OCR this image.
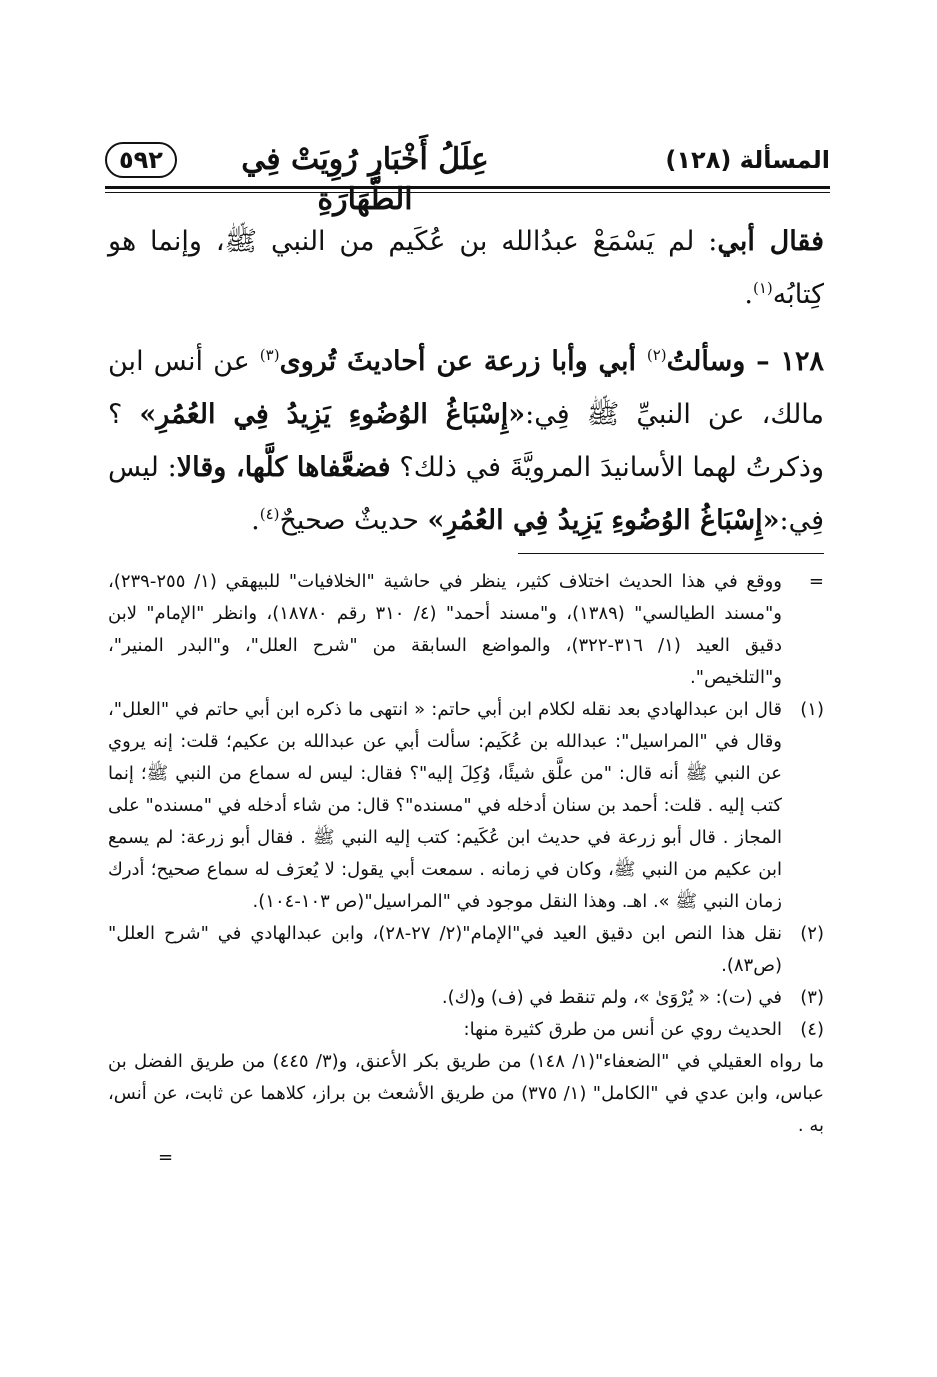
٥٩٢	عِلَلُ أَخْبَارٍ رُوِيَتْ فِي الطَّهَارَةِ
المسألة (١٢٨)

فقال أبي: لم يَسْمَعْ عبدُالله بن عُكَيم من النبي ﷺ، وإنما هو كِتابُه$^{(١)}$.

١٢٨ – وسألتُ$^{(٢)}$ أبي وأبا زرعة عن أحاديثَ تُروى$^{(٣)}$ عن أنس ابن مالك، عن النبيِّ ﷺ فِي:«إِسْبَاغُ الوُضُوءِ يَزِيدُ فِي العُمُرِ» ؟ وذكرتُ لهما الأسانيدَ المرويَّةَ في ذلك؟ فضعَّفاها كلَّها، وقالا: ليس فِي:«إِسْبَاغُ الوُضُوءِ يَزِيدُ فِي العُمُرِ» حديثٌ صحيحٌ$^{(٤)}$.

=
ووقع في هذا الحديث اختلاف كثير، ينظر في حاشية "الخلافيات" للبيهقي (١/ ٢٥٥-٢٣٩)، و"مسند الطيالسي" (١٣٨٩)، و"مسند أحمد" (٤/ ٣١٠ رقم ١٨٧٨٠)، وانظر "الإمام" لابن دقيق العيد (١/ ٣١٦-٣٢٢)، والمواضع السابقة من "شرح العلل"، و"البدر المنير"، و"التلخيص".
(١)
قال ابن عبدالهادي بعد نقله لكلام ابن أبي حاتم: « انتهى ما ذكره ابن أبي حاتم في "العلل"، وقال في "المراسيل": عبدالله بن عُكَيم: سألت أبي عن عبدالله بن عكيم؛ قلت: إنه يروي عن النبي ﷺ أنه قال: "من علَّق شيئًا، وُكِلَ إليه"؟ فقال: ليس له سماع من النبي ﷺ؛ إنما كتب إليه . قلت: أحمد بن سنان أدخله في "مسنده"؟ قال: من شاء أدخله في "مسنده" على المجاز . قال أبو زرعة في حديث ابن عُكَيم: كتب إليه النبي ﷺ . فقال أبو زرعة: لم يسمع ابن عكيم من النبي ﷺ، وكان في زمانه . سمعت أبي يقول: لا يُعرَف له سماع صحيح؛ أدرك زمان النبي ﷺ ». اهـ. وهذا النقل موجود في "المراسيل"(ص ١٠٣-١٠٤).
(٢)
نقل هذا النص ابن دقيق العيد في"الإمام"(٢/ ٢٧-٢٨)، وابن عبدالهادي في "شرح العلل"(ص٨٣).
(٣)
في (ت): « يُرْوَىٰ »، ولم تنقط في (ف) و(ك).
(٤)
الحديث روي عن أنس من طرق كثيرة منها:
ما رواه العقيلي في "الضعفاء"(١/ ١٤٨) من طريق بكر الأعنق، و(٣/ ٤٤٥) من طريق الفضل بن عباس، وابن عدي في "الكامل" (١/ ٣٧٥) من طريق الأشعث بن براز، كلاهما عن ثابت، عن أنس، به .
=
